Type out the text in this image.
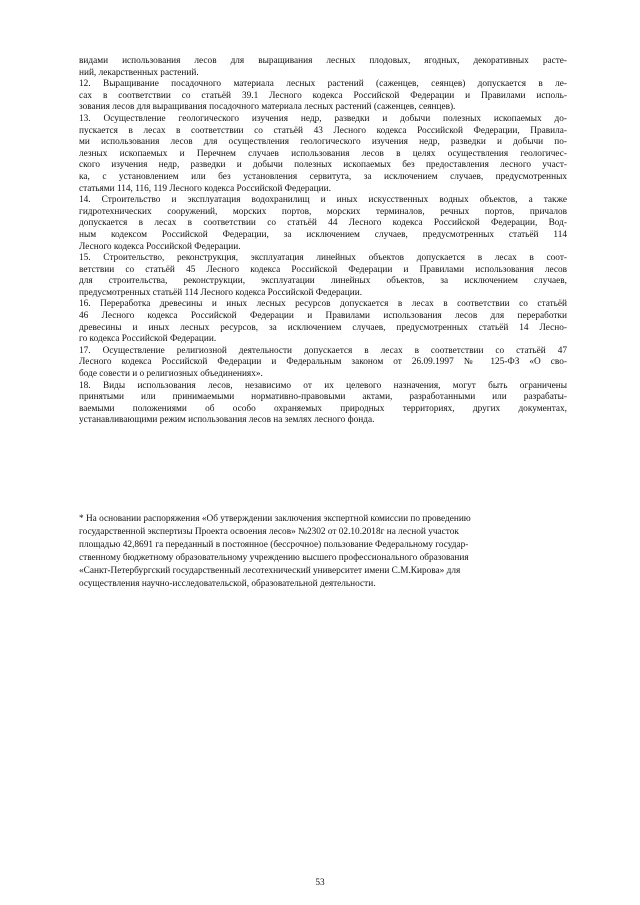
видами использования лесов для выращивания лесных плодовых, ягодных, декоративных расте-
ний, лекарственных растений.
12. Выращивание посадочного материала лесных растений (саженцев, сеянцев) допускается в ле-
сах в соответствии со статьёй 39.1 Лесного кодекса Российской Федерации и Правилами исполь-
зования лесов для выращивания посадочного материала лесных растений (саженцев, сеянцев).
13. Осуществление геологического изучения недр, разведки и добычи полезных ископаемых до-
пускается в лесах в соответствии со статьёй 43 Лесного кодекса Российской Федерации, Правила-
ми использования лесов для осуществления геологического изучения недр, разведки и добычи по-
лезных ископаемых и Перечнем случаев использования лесов в целях осуществления геологичес-
ского изучения недр, разведки и добычи полезных ископаемых без предоставления лесного участ-
ка, с установлением или без установления сервитута, за исключением случаев, предусмотренных
статьями 114, 116, 119 Лесного кодекса Российской Федерации.
14. Строительство и эксплуатация водохранилищ и иных искусственных водных объектов, а также
гидротехнических сооружений, морских портов, морских терминалов, речных портов, причалов
допускается в лесах в соответствии со статьёй 44 Лесного кодекса Российской Федерации, Вод-
ным кодексом Российской Федерации, за исключением случаев, предусмотренных статьёй 114
Лесного кодекса Российской Федерации.
15. Строительство, реконструкция, эксплуатация линейных объектов допускается в лесах в соот-
ветствии со статьёй 45 Лесного кодекса Российской Федерации и Правилами использования лесов
для строительства, реконструкции, эксплуатации линейных объектов, за исключением случаев,
предусмотренных статьёй 114 Лесного кодекса Российской Федерации.
16. Переработка древесины и иных лесных ресурсов допускается в лесах в соответствии со статьёй
46 Лесного кодекса Российской Федерации и Правилами использования лесов для переработки
древесины и иных лесных ресурсов, за исключением случаев, предусмотренных статьёй 14 Лесно-
го кодекса Российской Федерации.
17. Осуществление религиозной деятельности допускается в лесах в соответствии со статьёй 47
Лесного кодекса Российской Федерации и Федеральным законом от 26.09.1997 № 125-ФЗ «О сво-
боде совести и о религиозных объединениях».
18. Виды использования лесов, независимо от их целевого назначения, могут быть ограничены
принятыми или принимаемыми нормативно-правовыми актами, разработанными или разрабаты-
ваемыми положениями об особо охраняемых природных территориях, других документах,
устанавливающими режим использования лесов на землях лесного фонда.
* На основании распоряжения «Об утверждении заключения экспертной комиссии по проведению
государственной экспертизы Проекта освоения лесов» №2302 от 02.10.2018г на лесной участок
площадью 42,8691 га переданный в постоянное (бессрочное) пользование Федеральному государ-
ственному бюджетному образовательному учреждению высшего профессионального образования
«Санкт-Петербургский государственный лесотехнический университет имени С.М.Кирова» для
осуществления научно-исследовательской, образовательной деятельности.
53
